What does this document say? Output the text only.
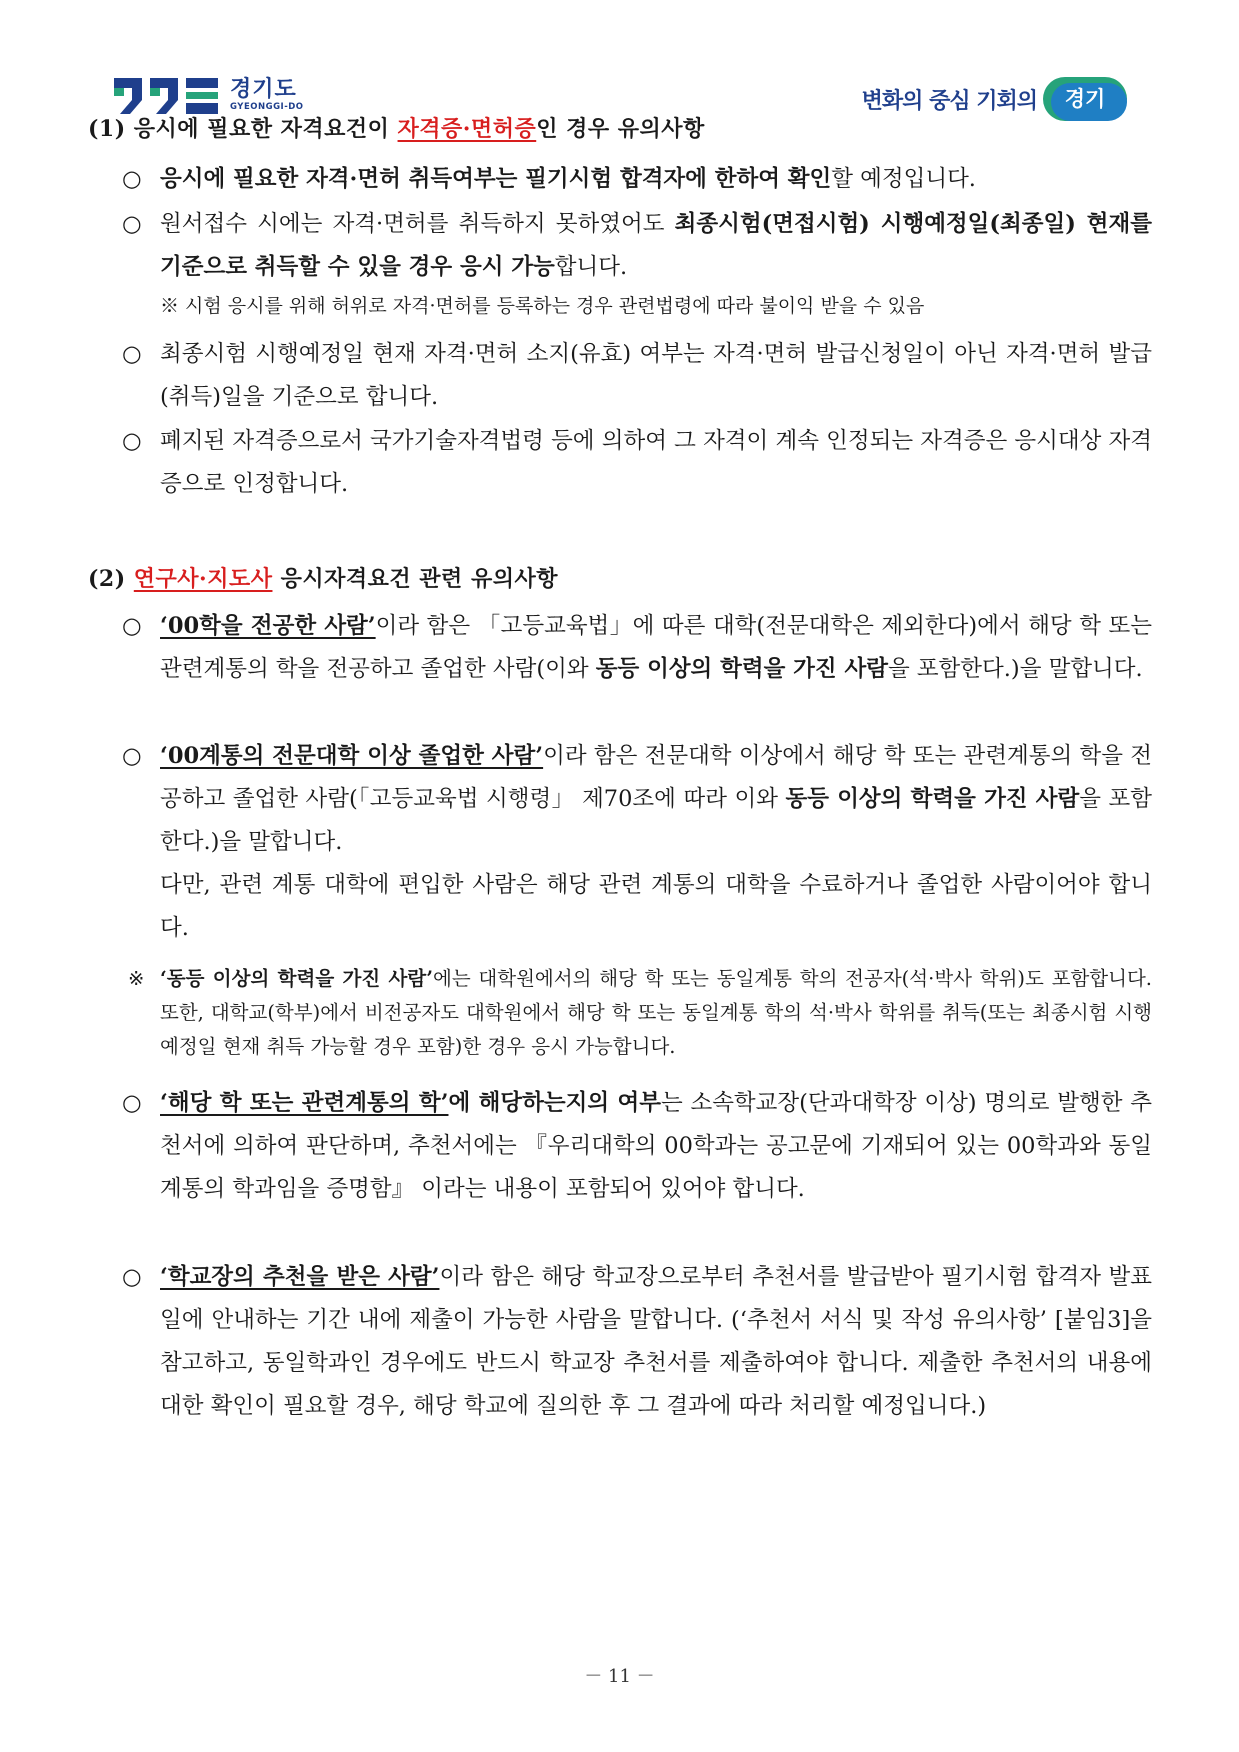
경기도
GYEONGGI-DO	변화의 중심 기회의	경기
(1) 응시에 필요한 자격요건이 자격증·면허증인 경우 유의사항
○ 응시에 필요한 자격·면허 취득여부는 필기시험 합격자에 한하여 확인할 예정입니다.
○ 원서접수 시에는 자격·면허를 취득하지 못하였어도 최종시험(면접시험) 시행예정일(최종일) 현재를 기준으로 취득할 수 있을 경우 응시 가능합니다.
※ 시험 응시를 위해 허위로 자격·면허를 등록하는 경우 관련법령에 따라 불이익 받을 수 있음
○ 최종시험 시행예정일 현재 자격·면허 소지(유효) 여부는 자격·면허 발급신청일이 아닌 자격·면허 발급(취득)일을 기준으로 합니다.
○ 폐지된 자격증으로서 국가기술자격법령 등에 의하여 그 자격이 계속 인정되는 자격증은 응시대상 자격증으로 인정합니다.
(2) 연구사·지도사 응시자격요건 관련 유의사항
○ ‘00학을 전공한 사람’이라 함은 「고등교육법」에 따른 대학(전문대학은 제외한다)에서 해당 학 또는 관련계통의 학을 전공하고 졸업한 사람(이와 동등 이상의 학력을 가진 사람을 포함한다.)을 말합니다.
○ ‘00계통의 전문대학 이상 졸업한 사람’이라 함은 전문대학 이상에서 해당 학 또는 관련계통의 학을 전공하고 졸업한 사람(「고등교육법 시행령」 제70조에 따라 이와 동등 이상의 학력을 가진 사람을 포함한다.)을 말합니다.
다만, 관련 계통 대학에 편입한 사람은 해당 관련 계통의 대학을 수료하거나 졸업한 사람이어야 합니다.
※ ‘동등 이상의 학력을 가진 사람’에는 대학원에서의 해당 학 또는 동일계통 학의 전공자(석·박사 학위)도 포함합니다. 또한, 대학교(학부)에서 비전공자도 대학원에서 해당 학 또는 동일계통 학의 석·박사 학위를 취득(또는 최종시험 시행예정일 현재 취득 가능할 경우 포함)한 경우 응시 가능합니다.
○ ‘해당 학 또는 관련계통의 학’에 해당하는지의 여부는 소속학교장(단과대학장 이상) 명의로 발행한 추천서에 의하여 판단하며, 추천서에는 『우리대학의 00학과는 공고문에 기재되어 있는 00학과와 동일계통의 학과임을 증명함』 이라는 내용이 포함되어 있어야 합니다.
○ ‘학교장의 추천을 받은 사람’이라 함은 해당 학교장으로부터 추천서를 발급받아 필기시험 합격자 발표일에 안내하는 기간 내에 제출이 가능한 사람을 말합니다. (‘추천서 서식 및 작성 유의사항’ [붙임3]을 참고하고, 동일학과인 경우에도 반드시 학교장 추천서를 제출하여야 합니다. 제출한 추천서의 내용에 대한 확인이 필요할 경우, 해당 학교에 질의한 후 그 결과에 따라 처리할 예정입니다.)
－ 11 －
